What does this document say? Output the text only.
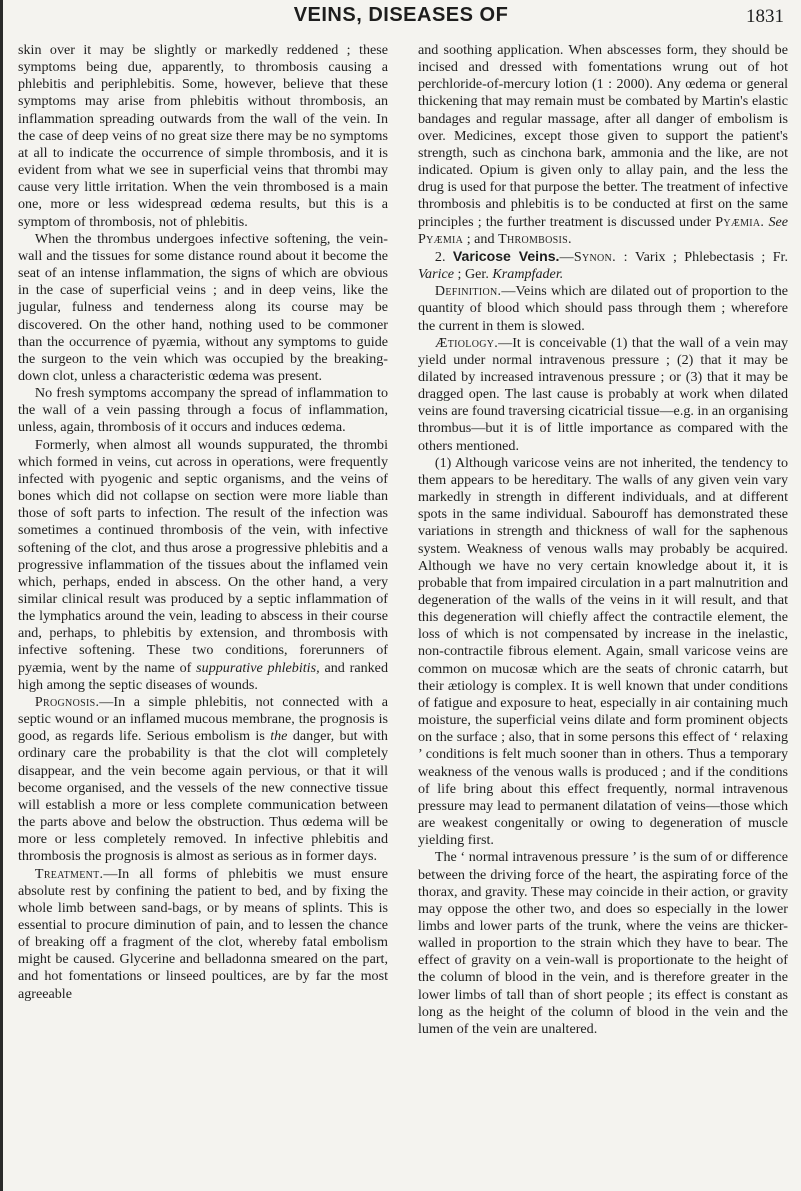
VEINS, DISEASES OF	1831

skin over it may be slightly or markedly reddened ; these symptoms being due, apparently, to thrombosis causing a phlebitis and periphlebitis. Some, however, believe that these symptoms may arise from phlebitis without thrombosis, an inflammation spreading outwards from the wall of the vein. In the case of deep veins of no great size there may be no symptoms at all to indicate the occurrence of simple thrombosis, and it is evident from what we see in superficial veins that thrombi may cause very little irritation. When the vein thrombosed is a main one, more or less widespread œdema results, but this is a symptom of thrombosis, not of phlebitis.

When the thrombus undergoes infective softening, the vein-wall and the tissues for some distance round about it become the seat of an intense inflammation, the signs of which are obvious in the case of superficial veins ; and in deep veins, like the jugular, fulness and tenderness along its course may be discovered. On the other hand, nothing used to be commoner than the occurrence of pyæmia, without any symptoms to guide the surgeon to the vein which was occupied by the breaking-down clot, unless a characteristic œdema was present.

No fresh symptoms accompany the spread of inflammation to the wall of a vein passing through a focus of inflammation, unless, again, thrombosis of it occurs and induces œdema.

Formerly, when almost all wounds suppurated, the thrombi which formed in veins, cut across in operations, were frequently infected with pyogenic and septic organisms, and the veins of bones which did not collapse on section were more liable than those of soft parts to infection. The result of the infection was sometimes a continued thrombosis of the vein, with infective softening of the clot, and thus arose a progressive phlebitis and a progressive inflammation of the tissues about the inflamed vein which, perhaps, ended in abscess. On the other hand, a very similar clinical result was produced by a septic inflammation of the lymphatics around the vein, leading to abscess in their course and, perhaps, to phlebitis by extension, and thrombosis with infective softening. These two conditions, forerunners of pyæmia, went by the name of suppurative phlebitis, and ranked high among the septic diseases of wounds.

Prognosis.—In a simple phlebitis, not connected with a septic wound or an inflamed mucous membrane, the prognosis is good, as regards life. Serious embolism is the danger, but with ordinary care the probability is that the clot will completely disappear, and the vein become again pervious, or that it will become organised, and the vessels of the new connective tissue will establish a more or less complete communication between the parts above and below the obstruction. Thus œdema will be more or less completely removed. In infective phlebitis and thrombosis the prognosis is almost as serious as in former days.

Treatment.—In all forms of phlebitis we must ensure absolute rest by confining the patient to bed, and by fixing the whole limb between sand-bags, or by means of splints. This is essential to procure diminution of pain, and to lessen the chance of breaking off a fragment of the clot, whereby fatal embolism might be caused. Glycerine and belladonna smeared on the part, and hot fomentations or linseed poultices, are by far the most agreeable

and soothing application. When abscesses form, they should be incised and dressed with fomentations wrung out of hot perchloride-of-mercury lotion (1 : 2000). Any œdema or general thickening that may remain must be combated by Martin's elastic bandages and regular massage, after all danger of embolism is over. Medicines, except those given to support the patient's strength, such as cinchona bark, ammonia and the like, are not indicated. Opium is given only to allay pain, and the less the drug is used for that purpose the better. The treatment of infective thrombosis and phlebitis is to be conducted at first on the same principles ; the further treatment is discussed under Pyæmia. See Pyæmia ; and Thrombosis.

2. Varicose Veins.—Synon. : Varix ; Phlebectasis ; Fr. Varice ; Ger. Krampfader.

Definition.—Veins which are dilated out of proportion to the quantity of blood which should pass through them ; wherefore the current in them is slowed.

Ætiology.—It is conceivable (1) that the wall of a vein may yield under normal intravenous pressure ; (2) that it may be dilated by increased intravenous pressure ; or (3) that it may be dragged open. The last cause is probably at work when dilated veins are found traversing cicatricial tissue—e.g. in an organising thrombus—but it is of little importance as compared with the others mentioned.

(1) Although varicose veins are not inherited, the tendency to them appears to be hereditary. The walls of any given vein vary markedly in strength in different individuals, and at different spots in the same individual. Sabouroff has demonstrated these variations in strength and thickness of wall for the saphenous system. Weakness of venous walls may probably be acquired. Although we have no very certain knowledge about it, it is probable that from impaired circulation in a part malnutrition and degeneration of the walls of the veins in it will result, and that this degeneration will chiefly affect the contractile element, the loss of which is not compensated by increase in the inelastic, non-contractile fibrous element. Again, small varicose veins are common on mucosæ which are the seats of chronic catarrh, but their ætiology is complex. It is well known that under conditions of fatigue and exposure to heat, especially in air containing much moisture, the superficial veins dilate and form prominent objects on the surface ; also, that in some persons this effect of ‘ relaxing ’ conditions is felt much sooner than in others. Thus a temporary weakness of the venous walls is produced ; and if the conditions of life bring about this effect frequently, normal intravenous pressure may lead to permanent dilatation of veins—those which are weakest congenitally or owing to degeneration of muscle yielding first.

The ‘ normal intravenous pressure ’ is the sum of or difference between the driving force of the heart, the aspirating force of the thorax, and gravity. These may coincide in their action, or gravity may oppose the other two, and does so especially in the lower limbs and lower parts of the trunk, where the veins are thicker-walled in proportion to the strain which they have to bear. The effect of gravity on a vein-wall is proportionate to the height of the column of blood in the vein, and is therefore greater in the lower limbs of tall than of short people ; its effect is constant as long as the height of the column of blood in the vein and the lumen of the vein are unaltered.
